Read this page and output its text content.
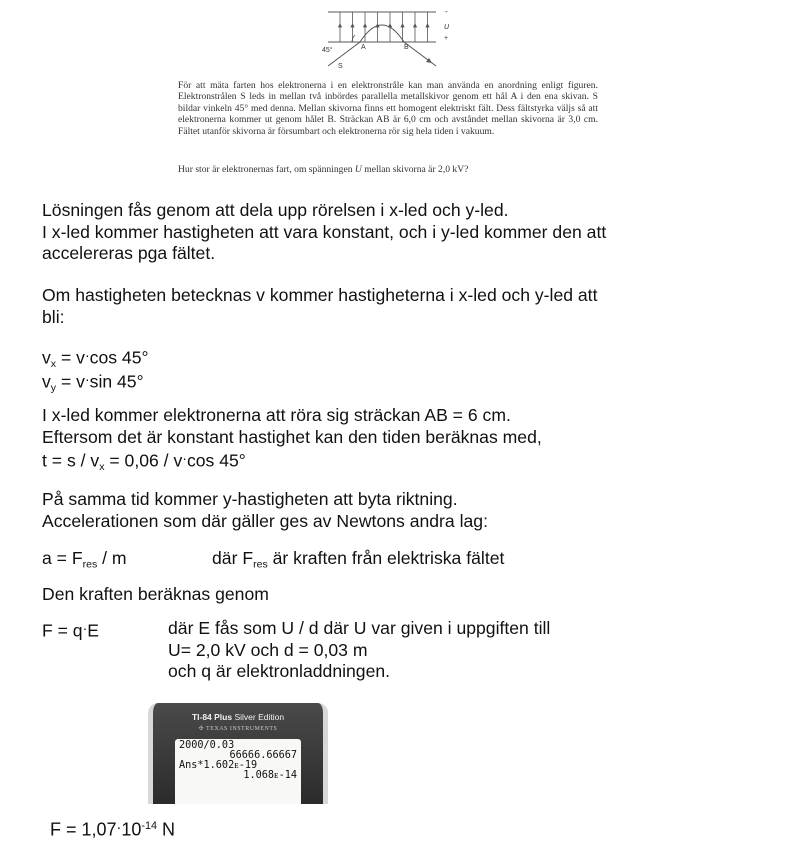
45°	A	B
S
U
-
+
För att mäta farten hos elektronerna i en elektronstråle kan man använda en anordning enligt figuren. Elektronstrålen S leds in mellan två inbördes parallella metallskivor genom ett hål A i den ena skivan. S bildar vinkeln 45° med denna. Mellan skivorna finns ett homogent elektriskt fält. Dess fältstyrka väljs så att elektronerna kommer ut genom hålet B. Sträckan AB är 6,0 cm och avståndet mellan skivorna är 3,0 cm. Fältet utanför skivorna är försumbart och elektronerna rör sig hela tiden i vakuum.
Hur stor är elektronernas fart, om spänningen U mellan skivorna är 2,0 kV?
Lösningen fås genom att dela upp rörelsen i x-led och y-led.
I x-led kommer hastigheten att vara konstant, och i y-led kommer den att
accelereras pga fältet.
Om hastigheten betecknas v kommer hastigheterna i x-led och y-led att
bli:
$v_x = v\cdot\cos$ 45°
$v_y = v\cdot\sin$ 45°
I x-led kommer elektronerna att röra sig sträckan AB = 6 cm.
Eftersom det är konstant hastighet kan den tiden beräknas med,
$t = s / v_x = 0,06 / v\cdot\cos$ 45°
På samma tid kommer y-hastigheten att byta riktning.
Accelerationen som där gäller ges av Newtons andra lag:
$a = F_{res} / m$	där $F_{res}$ är kraften från elektriska fältet
Den kraften beräknas genom
F = q·E	där E fås som U / d där U var given i uppgiften till
U= 2,0 kV och d = 0,03 m
och q är elektronladdningen.
TI-84 Plus Silver Edition
✣ TEXAS INSTRUMENTS
2000/0.03
66666.66667
Ans*1.602ᴇ-19
1.068ᴇ-14
$F = 1,07^\cdot 10^{-14}$ N
